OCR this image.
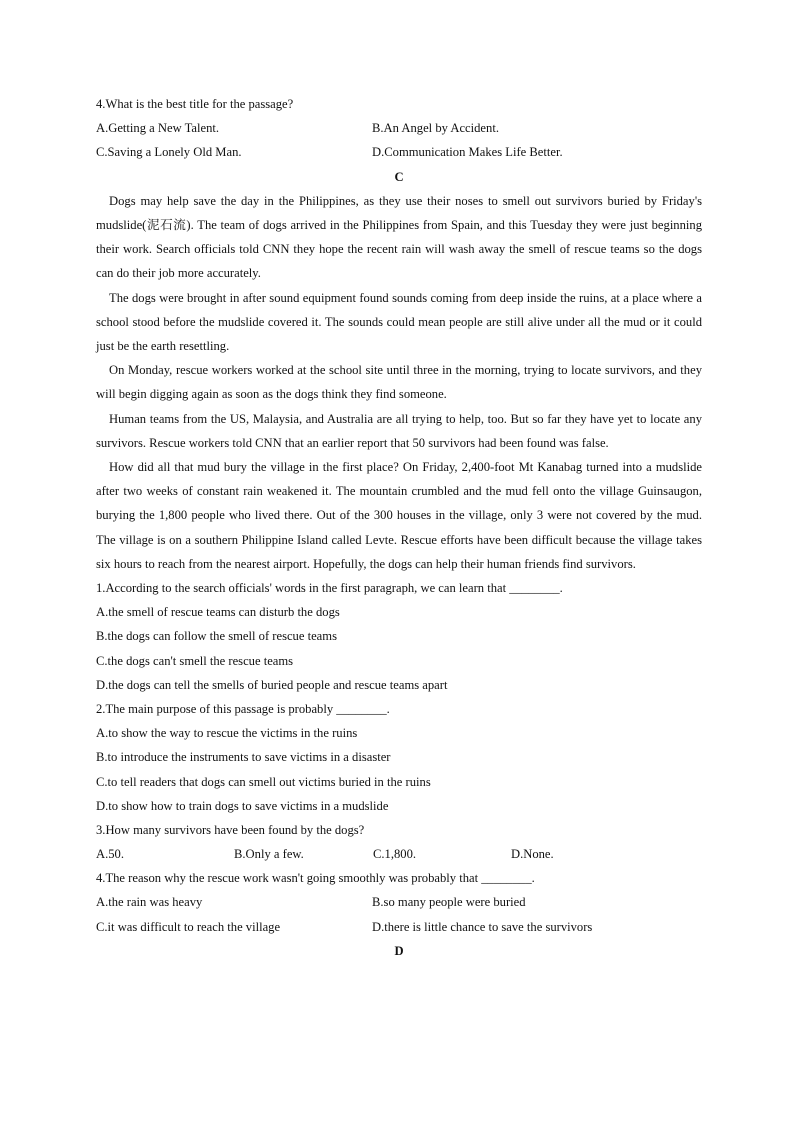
4.What is the best title for the passage?
A.Getting a New Talent.	B.An Angel by Accident.
C.Saving a Lonely Old Man.	D.Communication Makes Life Better.
C

Dogs may help save the day in the Philippines, as they use their noses to smell out survivors buried by Friday's mudslide(泥石流). The team of dogs arrived in the Philippines from Spain, and this Tuesday they were just beginning their work. Search officials told CNN they hope the recent rain will wash away the smell of rescue teams so the dogs can do their job more accurately.

The dogs were brought in after sound equipment found sounds coming from deep inside the ruins, at a place where a school stood before the mudslide covered it. The sounds could mean people are still alive under all the mud or it could just be the earth resettling.

On Monday, rescue workers worked at the school site until three in the morning, trying to locate survivors, and they will begin digging again as soon as the dogs think they find someone.

Human teams from the US, Malaysia, and Australia are all trying to help, too. But so far they have yet to locate any survivors. Rescue workers told CNN that an earlier report that 50 survivors had been found was false.

How did all that mud bury the village in the first place? On Friday, 2,400-foot Mt Kanabag turned into a mudslide after two weeks of constant rain weakened it. The mountain crumbled and the mud fell onto the village Guinsaugon, burying the 1,800 people who lived there. Out of the 300 houses in the village, only 3 were not covered by the mud. The village is on a southern Philippine Island called Levte. Rescue efforts have been difficult because the village takes six hours to reach from the nearest airport. Hopefully, the dogs can help their human friends find survivors.

1.According to the search officials' words in the first paragraph, we can learn that ________.
A.the smell of rescue teams can disturb the dogs
B.the dogs can follow the smell of rescue teams
C.the dogs can't smell the rescue teams
D.the dogs can tell the smells of buried people and rescue teams apart
2.The main purpose of this passage is probably ________.
A.to show the way to rescue the victims in the ruins
B.to introduce the instruments to save victims in a disaster
C.to tell readers that dogs can smell out victims buried in the ruins
D.to show how to train dogs to save victims in a mudslide
3.How many survivors have been found by the dogs?
A.50.	B.Only a few.	C.1,800.	D.None.
4.The reason why the rescue work wasn't going smoothly was probably that ________.
A.the rain was heavy	B.so many people were buried
C.it was difficult to reach the village	D.there is little chance to save the survivors
D
